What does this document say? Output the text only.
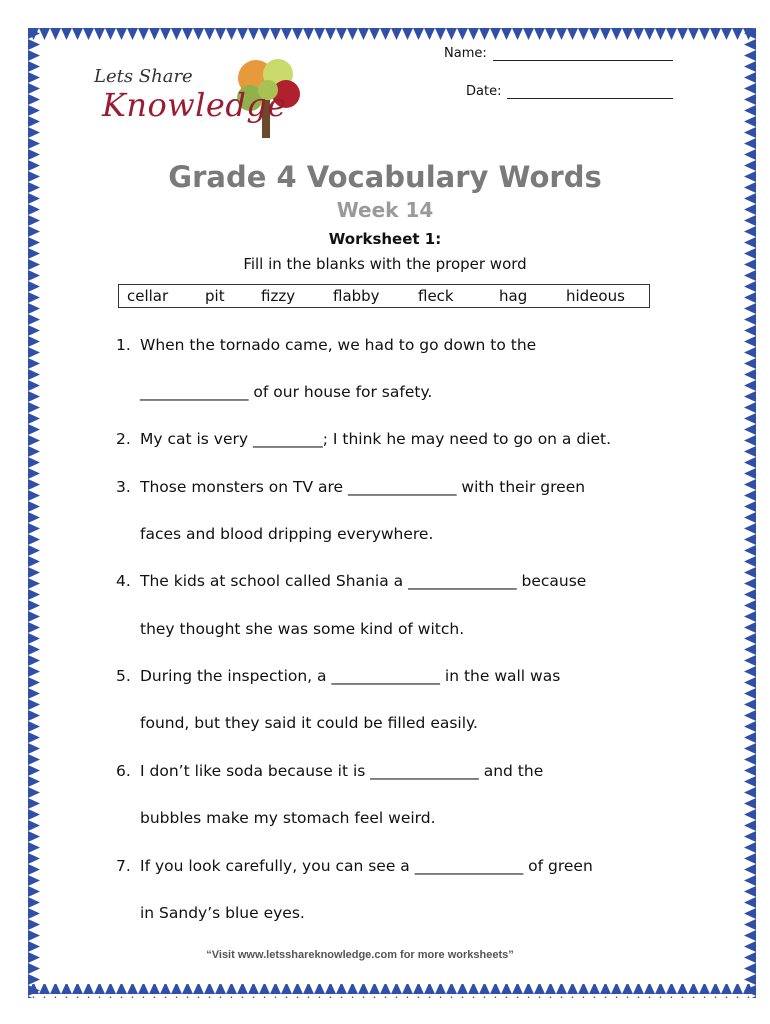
Name:
Date:
Lets Share
Knowledge
Grade 4 Vocabulary Words
Week 14
Worksheet 1:
Fill in the blanks with the proper word
cellar pit fizzy	flabby	fleck	hag	hideous
1. When the tornado came, we had to go down to the
______________ of our house for safety.
2. My cat is very _________; I think he may need to go on a diet.
3. Those monsters on TV are ______________ with their green
faces and blood dripping everywhere.
4. The kids at school called Shania a ______________ because
they thought she was some kind of witch.
5. During the inspection, a ______________ in the wall was
found, but they said it could be filled easily.
6. I don’t like soda because it is ______________ and the
bubbles make my stomach feel weird.
7. If you look carefully, you can see a ______________ of green
in Sandy’s blue eyes.
“Visit www.letsshareknowledge.com for more worksheets”
